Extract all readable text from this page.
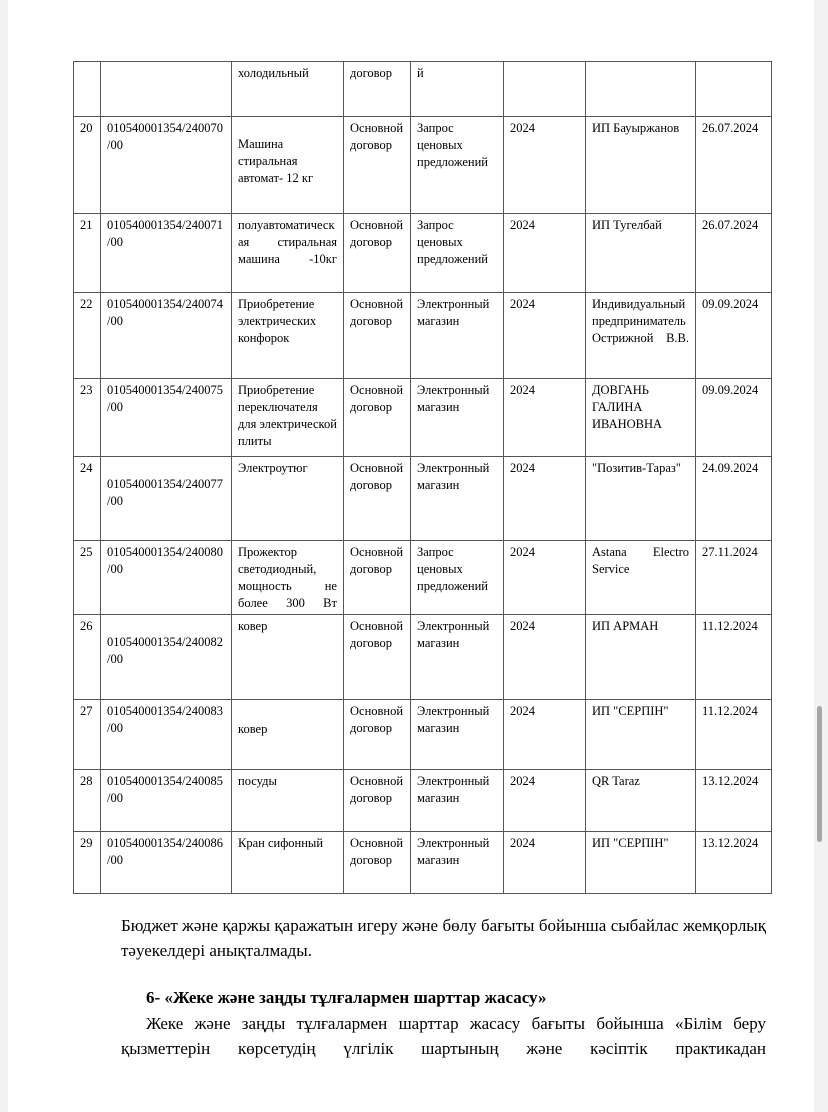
		холодильный	договор	й			
20	010540001354/240070/00	Машина стиральная автомат- 12 кг	Основной договор	Запрос ценовых предложений	2024	ИП Бауыржанов	26.07.2024
21	010540001354/240071/00	полуавтоматическая стиральная машина -10кг	Основной договор	Запрос ценовых предложений	2024	ИП Тугелбай	26.07.2024
22	010540001354/240074/00	Приобретение электрических конфорок	Основной договор	Электронный магазин	2024	Индивидуальный предприниматель Острижной В.В.	09.09.2024
23	010540001354/240075/00	Приобретение переключателя для электрической плиты	Основной договор	Электронный магазин	2024	ДОВГАНЬ ГАЛИНА ИВАНОВНА	09.09.2024
24	010540001354/240077/00	Электроутюг	Основной договор	Электронный магазин	2024	"Позитив-Тараз"	24.09.2024
25	010540001354/240080/00	Прожектор светодиодный, мощность не более 300 Вт	Основной договор	Запрос ценовых предложений	2024	Astana Electro Service	27.11.2024
26	010540001354/240082/00	ковер	Основной договор	Электронный магазин	2024	ИП АРМАН	11.12.2024
27	010540001354/240083/00	ковер	Основной договор	Электронный магазин	2024	ИП "СЕРПІН"	11.12.2024
28	010540001354/240085/00	посуды	Основной договор	Электронный магазин	2024	QR Taraz	13.12.2024
29	010540001354/240086/00	Кран сифонный	Основной договор	Электронный магазин	2024	ИП "СЕРПІН"	13.12.2024
Бюджет және қаржы қаражатын игеру және бөлу бағыты бойынша сыбайлас жемқорлық тәуекелдері анықталмады.
6- «Жеке және заңды тұлғалармен шарттар жасасу»
Жеке және заңды тұлғалармен шарттар жасасу бағыты бойынша «Білім беру қызметтерін көрсетудің үлгілік шартының және кәсіптік практикадан
